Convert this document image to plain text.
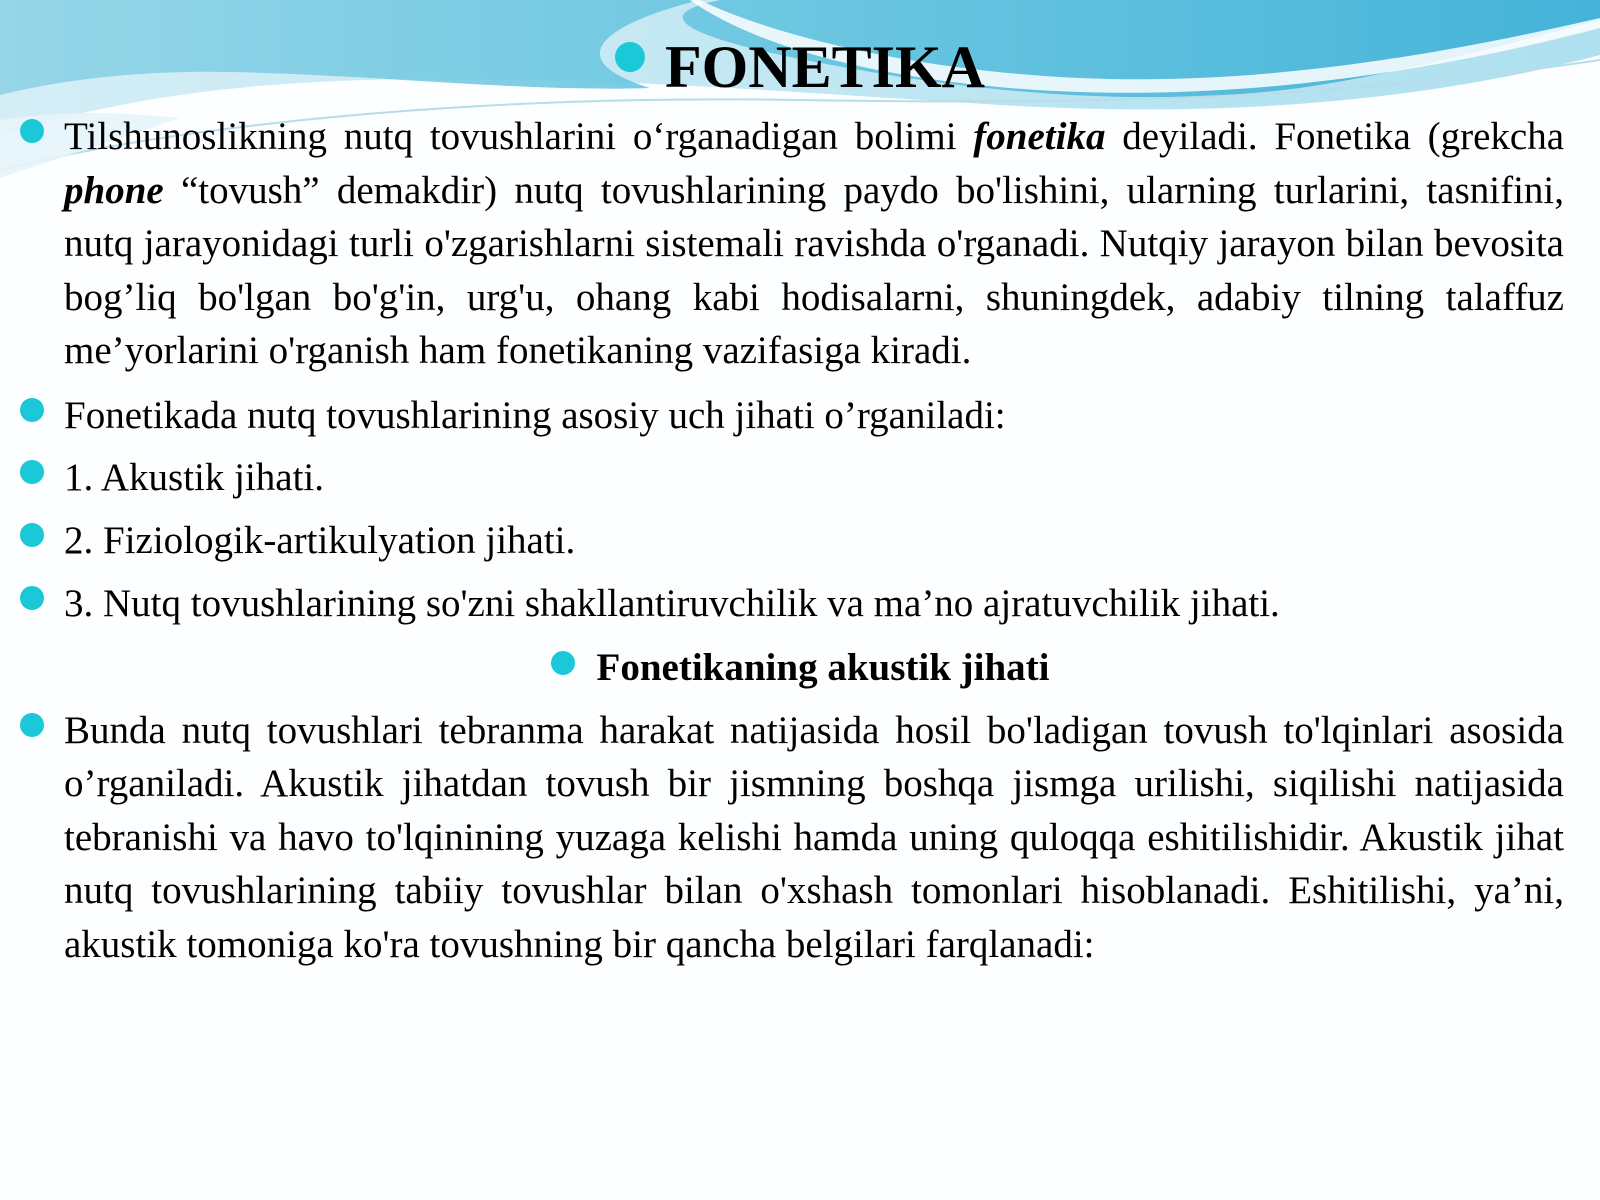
FONETIKA
Tilshunoslikning nutq tovushlarini o‘rganadigan bolimi fonetika deyiladi. Fonetika (grekcha phone “tovush” demakdir) nutq tovushlarining paydo bo'lishini, ularning turlarini, tasnifini, nutq jarayonidagi turli o'zgarishlarni sistemali ravishda o'rganadi. Nutqiy jarayon bilan bevosita bog’liq bo'lgan bo'g'in, urg'u, ohang kabi hodisalarni, shuningdek, adabiy tilning talaffuz me’yorlarini o'rganish ham fonetikaning vazifasiga kiradi.
Fonetikada nutq tovushlarining asosiy uch jihati o’rganiladi:
1. Akustik jihati.
2. Fiziologik-artikulyation jihati.
3. Nutq tovushlarining so'zni shakllantiruvchilik va ma’no ajratuvchilik jihati.
Fonetikaning akustik jihati
Bunda nutq tovushlari tebranma harakat natijasida hosil bo'ladigan tovush to'lqinlari asosida o’rganiladi. Akustik jihatdan tovush bir jismning boshqa jismga urilishi, siqilishi natijasida tebranishi va havo to'lqinining yuzaga kelishi hamda uning quloqqa eshitilishidir. Akustik jihat nutq tovushlarining tabiiy tovushlar bilan o'xshash tomonlari hisoblanadi. Eshitilishi, ya’ni, akustik tomoniga ko'ra tovushning bir qancha belgilari farqlanadi:
